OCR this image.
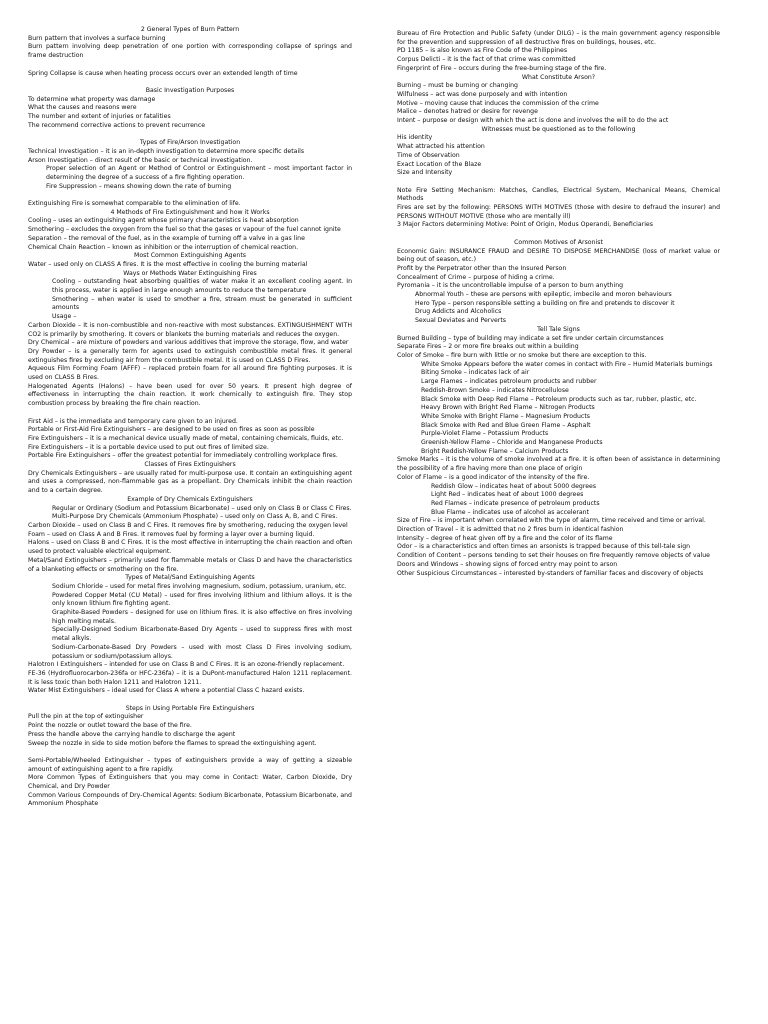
2 General Types of Burn Pattern
Burn pattern that involves a surface burning
Burn pattern involving deep penetration of one portion with corresponding collapse of springs and frame destruction
Spring Collapse is cause when heating process occurs over an extended length of time
Basic Investigation Purposes
To determine what property was damage
What the causes and reasons were
The number and extent of injuries or fatalities
The recommend corrective actions to prevent recurrence
Types of Fire/Arson Investigation
Technical Investigation – it is an in-depth investigation to determine more specific details
Arson Investigation – direct result of the basic or technical investigation.
Proper selection of an Agent or Method of Control or Extinguishment – most important factor in determining the degree of a success of a fire fighting operation.
Fire Suppression – means showing down the rate of burning
Extinguishing Fire is somewhat comparable to the elimination of life.
4 Methods of Fire Extinguishment and how it Works
Cooling – uses an extinguishing agent whose primary characteristics is heat absorption
Smothering – excludes the oxygen from the fuel so that the gases or vapour of the fuel cannot ignite
Separation – the removal of the fuel, as in the example of turning off a valve in a gas line
Chemical Chain Reaction – known as inhibition or the interruption of chemical reaction.
Most Common Extinguishing Agents
Water – used only on CLASS A fires. It is the most effective in cooling the burning material
Ways or Methods Water Extinguishing Fires
Cooling – outstanding heat absorbing qualities of water make it an excellent cooling agent. In this process, water is applied in large enough amounts to reduce the temperature
Smothering – when water is used to smother a fire, stream must be generated in sufficient amounts
Usage –
Carbon Dioxide – It is non-combustible and non-reactive with most substances. EXTINGUISHMENT WITH CO2 is primarily by smothering. It covers or blankets the burning materials and reduces the oxygen.
Dry Chemical – are mixture of powders and various additives that improve the storage, flow, and water
Dry Powder – is a generally term for agents used to extinguish combustible metal fires. It general extinguishes fires by excluding air from the combustible metal. It is used on CLASS D Fires.
Aqueous Film Forming Foam (AFFF) – replaced protein foam for all around fire fighting purposes. It is used on CLASS B Fires.
Halogenated Agents (Halons) – have been used for over 50 years. It present high degree of effectiveness in interrupting the chain reaction. It work chemically to extinguish fire. They stop combustion process by breaking the fire chain reaction.
First Aid – is the immediate and temporary care given to an injured.
Portable or First-Aid Fire Extinguishers – are designed to be used on fires as soon as possible
Fire Extinguishers – it is a mechanical device usually made of metal, containing chemicals, fluids, etc.
Fire Extinguishers – it is a portable device used to put out fires of limited size.
Portable Fire Extinguishers – offer the greatest potential for immediately controlling workplace fires.
Classes of Fires Extinguishers
Dry Chemicals Extinguishers – are usually rated for multi-purpose use. It contain an extinguishing agent and uses a compressed, non-flammable gas as a propellant. Dry Chemicals inhibit the chain reaction and to a certain degree.
Example of Dry Chemicals Extinguishers
Regular or Ordinary (Sodium and Potassium Bicarbonate) – used only on Class B or Class C Fires.
Multi-Purpose Dry Chemicals (Ammonium Phosphate) – used only on Class A, B, and C Fires.
Carbon Dioxide – used on Class B and C Fires. It removes fire by smothering, reducing the oxygen level
Foam – used on Class A and B Fires. It removes fuel by forming a layer over a burning liquid.
Halons – used on Class B and C Fires. It is the most effective in interrupting the chain reaction and often used to protect valuable electrical equipment.
Metal/Sand Extinguishers – primarily used for flammable metals or Class D and have the characteristics of a blanketing effects or smothering on the fire.
Types of Metal/Sand Extinguishing Agents
Sodium Chloride – used for metal fires involving magnesium, sodium, potassium, uranium, etc.
Powdered Copper Metal (CU Metal) – used for fires involving lithium and lithium alloys. It is the only known lithium fire fighting agent.
Graphite-Based Powders – designed for use on lithium fires. It is also effective on fires involving high melting metals.
Specially-Designed Sodium Bicarbonate-Based Dry Agents – used to suppress fires with most metal alkyls.
Sodium-Carbonate-Based Dry Powders – used with most Class D Fires involving sodium, potassium or sodium/potassium alloys.
Halotron I Extinguishers – intended for use on Class B and C Fires. It is an ozone-friendly replacement.
FE-36 (Hydrofluorocarbon-236fa or HFC-236fa) – it is a DuPont-manufactured Halon 1211 replacement. It is less toxic than both Halon 1211 and Halotron 1211.
Water Mist Extinguishers – ideal used for Class A where a potential Class C hazard exists.
Steps in Using Portable Fire Extinguishers
Pull the pin at the top of extinguisher
Point the nozzle or outlet toward the base of the fire.
Press the handle above the carrying handle to discharge the agent
Sweep the nozzle in side to side motion before the flames to spread the extinguishing agent.
Semi-Portable/Wheeled Extinguisher – types of extinguishers provide a way of getting a sizeable amount of extinguishing agent to a fire rapidly.
More Common Types of Extinguishers that you may come in Contact: Water, Carbon Dioxide, Dry Chemical, and Dry Powder
Common Various Compounds of Dry-Chemical Agents: Sodium Bicarbonate, Potassium Bicarbonate, and Ammonium Phosphate
Bureau of Fire Protection and Public Safety (under DILG) – is the main government agency responsible for the prevention and suppression of all destructive fires on buildings, houses, etc.
PD 1185 – is also known as Fire Code of the Philippines
Corpus Delicti – it is the fact of that crime was committed
Fingerprint of Fire – occurs during the free-burning stage of the fire.
What Constitute Arson?
Burning – must be burning or changing
Wilfulness – act was done purposely and with intention
Motive – moving cause that induces the commission of the crime
Malice – denotes hatred or desire for revenge
Intent – purpose or design with which the act is done and involves the will to do the act
Witnesses must be questioned as to the following
His identity
What attracted his attention
Time of Observation
Exact Location of the Blaze
Size and Intensity
Note Fire Setting Mechanism: Matches, Candles, Electrical System, Mechanical Means, Chemical Methods
Fires are set by the following: PERSONS WITH MOTIVES (those with desire to defraud the insurer) and PERSONS WITHOUT MOTIVE (those who are mentally ill)
3 Major Factors determining Motive: Point of Origin, Modus Operandi, Beneficiaries
Common Motives of Arsonist
Economic Gain: INSURANCE FRAUD and DESIRE TO DISPOSE MERCHANDISE (loss of market value or being out of season, etc.)
Profit by the Perpetrator other than the Insured Person
Concealment of Crime – purpose of hiding a crime.
Pyromania – it is the uncontrollable impulse of a person to burn anything
Abnormal Youth – these are persons with epileptic, imbecile and moron behaviours
Hero Type – person responsible setting a building on fire and pretends to discover it
Drug Addicts and Alcoholics
Sexual Deviates and Perverts
Tell Tale Signs
Burned Building – type of building may indicate a set fire under certain circumstances
Separate Fires – 2 or more fire breaks out within a building
Color of Smoke – fire burn with little or no smoke but there are exception to this.
White Smoke Appears before the water comes in contact with Fire – Humid Materials burnings
Biting Smoke – indicates lack of air
Large Flames – indicates petroleum products and rubber
Reddish-Brown Smoke – indicates Nitrocellulose
Black Smoke with Deep Red Flame – Petroleum products such as tar, rubber, plastic, etc.
Heavy Brown with Bright Red Flame – Nitrogen Products
White Smoke with Bright Flame – Magnesium Products
Black Smoke with Red and Blue Green Flame – Asphalt
Purple-Violet Flame – Potassium Products
Greenish-Yellow Flame – Chloride and Manganese Products
Bright Reddish-Yellow Flame – Calcium Products
Smoke Marks – it is the volume of smoke involved at a fire. It is often been of assistance in determining the possibility of a fire having more than one place of origin
Color of Flame – is a good indicator of the intensity of the fire.
Reddish Glow – indicates heat of about 5000 degrees
Light Red – indicates heat of about 1000 degrees
Red Flames – indicate presence of petroleum products
Blue Flame – indicates use of alcohol as accelerant
Size of Fire – is important when correlated with the type of alarm, time received and time or arrival.
Direction of Travel – it is admitted that no 2 fires burn in identical fashion
Intensity – degree of heat given off by a fire and the color of its flame
Odor – is a characteristics and often times an arsonists is trapped because of this tell-tale sign
Condition of Content – persons tending to set their houses on fire frequently remove objects of value
Doors and Windows – showing signs of forced entry may point to arson
Other Suspicious Circumstances – interested by-standers of familiar faces and discovery of objects
